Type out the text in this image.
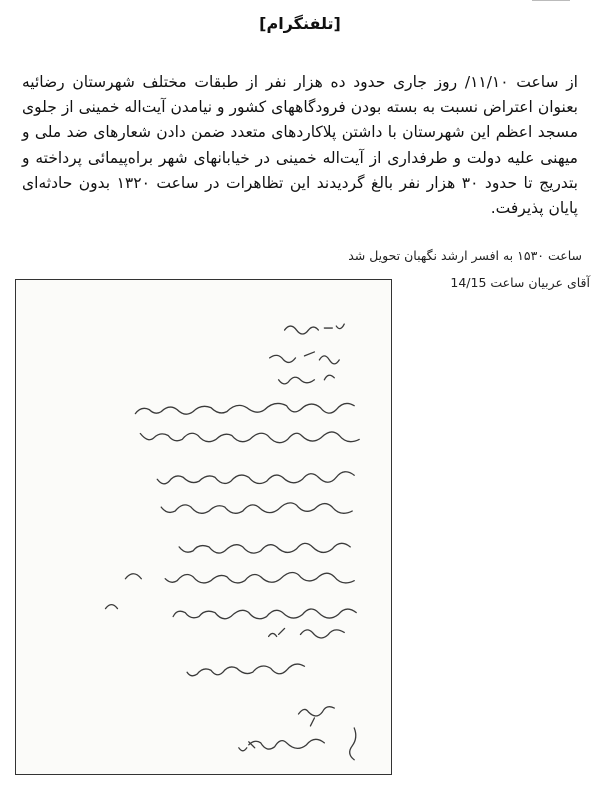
[تلفنگرام]
از ساعت ۱۱/۱۰/ روز جاری حدود ده هزار نفر از طبقات مختلف شهرستان رضائیه بعنوان اعتراض نسبت به بسته بودن فرودگاههای کشور و نیامدن آیت‌اله خمینی از جلوی مسجد اعظم این شهرستان با داشتن پلاکاردهای متعدد ضمن دادن شعارهای ضد ملی و میهنی علیه دولت و طرفداری از آیت‌اله خمینی در خیابانهای شهر براه‌پیمائی پرداخته و بتدریج تا حدود ۳۰ هزار نفر بالغ گردیدند این تظاهرات در ساعت ۱۳۲۰ بدون حادثه‌ای پایان پذیرفت.
ساعت ۱۵۳۰ به افسر ارشد نگهبان تحویل شد
آقای عربیان ساعت 14/15
